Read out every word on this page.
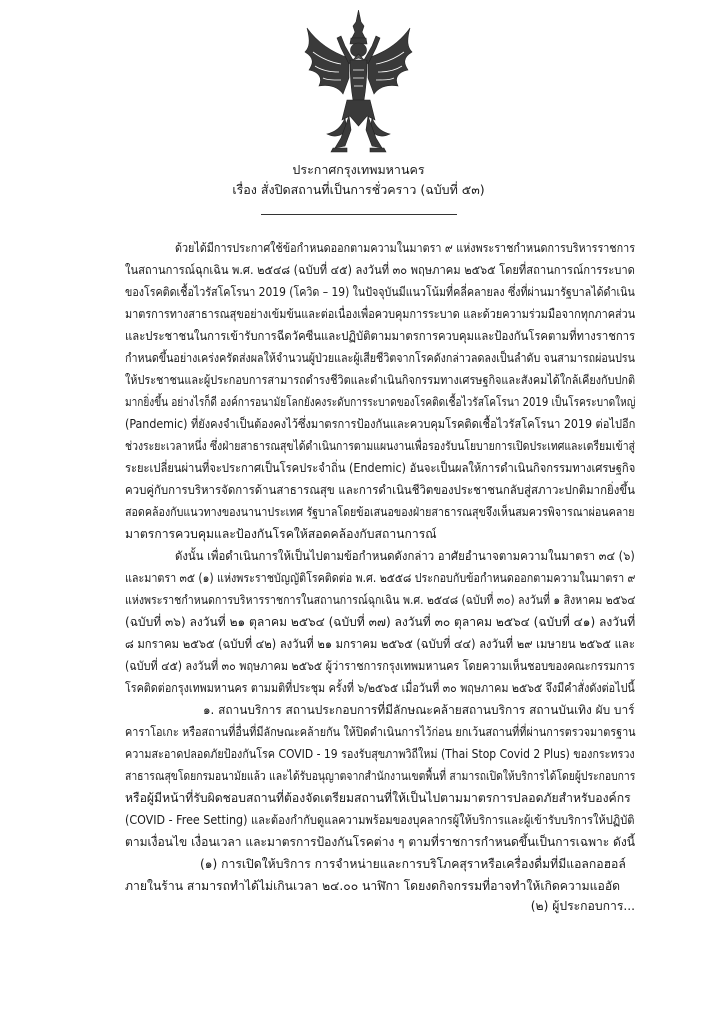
ประกาศกรุงเทพมหานคร
เรื่อง สั่งปิดสถานที่เป็นการชั่วคราว (ฉบับที่ ๕๓)
ด้วยได้มีการประกาศใช้ข้อกำหนดออกตามความในมาตรา ๙ แห่งพระราชกำหนดการบริหารราชการ
ในสถานการณ์ฉุกเฉิน พ.ศ. ๒๕๔๘ (ฉบับที่ ๔๕) ลงวันที่ ๓๐ พฤษภาคม ๒๕๖๕ โดยที่สถานการณ์การระบาด
ของโรคติดเชื้อไวรัสโคโรนา 2019 (โควิด – 19) ในปัจจุบันมีแนวโน้มที่คลี่คลายลง ซึ่งที่ผ่านมารัฐบาลได้ดำเนิน
มาตรการทางสาธารณสุขอย่างเข้มข้นและต่อเนื่องเพื่อควบคุมการระบาด และด้วยความร่วมมือจากทุกภาคส่วน
และประชาชนในการเข้ารับการฉีดวัคซีนและปฏิบัติตามมาตรการควบคุมและป้องกันโรคตามที่ทางราชการ
กำหนดขึ้นอย่างเคร่งครัดส่งผลให้จำนวนผู้ป่วยและผู้เสียชีวิตจากโรคดังกล่าวลดลงเป็นลำดับ จนสามารถผ่อนปรน
ให้ประชาชนและผู้ประกอบการสามารถดำรงชีวิตและดำเนินกิจกรรมทางเศรษฐกิจและสังคมได้ใกล้เคียงกับปกติ
มากยิ่งขึ้น อย่างไรก็ดี องค์การอนามัยโลกยังคงระดับการระบาดของโรคติดเชื้อไวรัสโคโรนา 2019 เป็นโรคระบาดใหญ่
(Pandemic) ที่ยังคงจำเป็นต้องคงไว้ซึ่งมาตรการป้องกันและควบคุมโรคติดเชื้อไวรัสโคโรนา 2019 ต่อไปอีก
ช่วงระยะเวลาหนึ่ง ซึ่งฝ่ายสาธารณสุขได้ดำเนินการตามแผนงานเพื่อรองรับนโยบายการเปิดประเทศและเตรียมเข้าสู่
ระยะเปลี่ยนผ่านที่จะประกาศเป็นโรคประจำถิ่น (Endemic) อันจะเป็นผลให้การดำเนินกิจกรรมทางเศรษฐกิจ
ควบคู่กับการบริหารจัดการด้านสาธารณสุข และการดำเนินชีวิตของประชาชนกลับสู่สภาวะปกติมากยิ่งขึ้น
สอดคล้องกับแนวทางของนานาประเทศ รัฐบาลโดยข้อเสนอของฝ่ายสาธารณสุขจึงเห็นสมควรพิจารณาผ่อนคลาย
มาตรการควบคุมและป้องกันโรคให้สอดคล้องกับสถานการณ์
ดังนั้น เพื่อดำเนินการให้เป็นไปตามข้อกำหนดดังกล่าว อาศัยอำนาจตามความในมาตรา ๓๔ (๖)
และมาตรา ๓๕ (๑) แห่งพระราชบัญญัติโรคติดต่อ พ.ศ. ๒๕๕๘ ประกอบกับข้อกำหนดออกตามความในมาตรา ๙
แห่งพระราชกำหนดการบริหารราชการในสถานการณ์ฉุกเฉิน พ.ศ. ๒๕๔๘ (ฉบับที่ ๓๐) ลงวันที่ ๑ สิงหาคม ๒๕๖๔
(ฉบับที่ ๓๖) ลงวันที่ ๒๑ ตุลาคม ๒๕๖๔ (ฉบับที่ ๓๗) ลงวันที่ ๓๐ ตุลาคม ๒๕๖๔ (ฉบับที่ ๔๑) ลงวันที่
๘ มกราคม ๒๕๖๕ (ฉบับที่ ๔๒) ลงวันที่ ๒๑ มกราคม ๒๕๖๕ (ฉบับที่ ๔๔) ลงวันที่ ๒๙ เมษายน ๒๕๖๕ และ
(ฉบับที่ ๔๕) ลงวันที่ ๓๐ พฤษภาคม ๒๕๖๕ ผู้ว่าราชการกรุงเทพมหานคร โดยความเห็นชอบของคณะกรรมการ
โรคติดต่อกรุงเทพมหานคร ตามมติที่ประชุม ครั้งที่ ๖/๒๕๖๕ เมื่อวันที่ ๓๐ พฤษภาคม ๒๕๖๕ จึงมีคำสั่งดังต่อไปนี้
๑. สถานบริการ สถานประกอบการที่มีลักษณะคล้ายสถานบริการ สถานบันเทิง ผับ บาร์
คาราโอเกะ หรือสถานที่อื่นที่มีลักษณะคล้ายกัน ให้ปิดดำเนินการไว้ก่อน ยกเว้นสถานที่ที่ผ่านการตรวจมาตรฐาน
ความสะอาดปลอดภัยป้องกันโรค COVID - 19 รองรับสุขภาพวิถีใหม่ (Thai Stop Covid 2 Plus) ของกระทรวง
สาธารณสุขโดยกรมอนามัยแล้ว และได้รับอนุญาตจากสำนักงานเขตพื้นที่ สามารถเปิดให้บริการได้โดยผู้ประกอบการ
หรือผู้มีหน้าที่รับผิดชอบสถานที่ต้องจัดเตรียมสถานที่ให้เป็นไปตามมาตรการปลอดภัยสำหรับองค์กร
(COVID - Free Setting) และต้องกำกับดูแลความพร้อมของบุคลากรผู้ให้บริการและผู้เข้ารับบริการให้ปฏิบัติ
ตามเงื่อนไข เงื่อนเวลา และมาตรการป้องกันโรคต่าง ๆ ตามที่ราชการกำหนดขึ้นเป็นการเฉพาะ ดังนี้
(๑) การเปิดให้บริการ การจำหน่ายและการบริโภคสุราหรือเครื่องดื่มที่มีแอลกอฮอล์
ภายในร้าน สามารถทำได้ไม่เกินเวลา ๒๔.๐๐ นาฬิกา โดยงดกิจกรรมที่อาจทำให้เกิดความแออัด
(๒) ผู้ประกอบการ...
